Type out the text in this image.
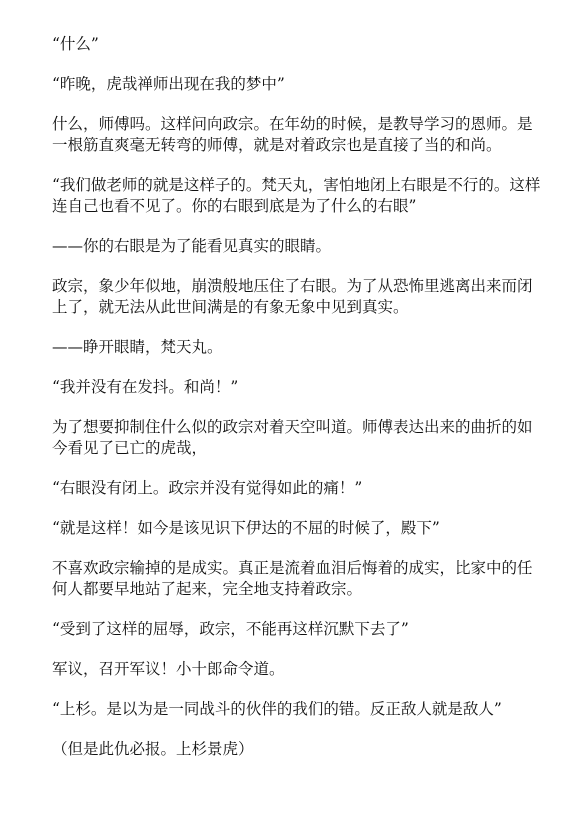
“什么”

“昨晚，虎哉禅师出现在我的梦中”

什么，师傅吗。这样问向政宗。在年幼的时候，是教导学习的恩师。是一根筋直爽毫无转弯的师傅，就是对着政宗也是直接了当的和尚。

“我们做老师的就是这样子的。梵天丸，害怕地闭上右眼是不行的。这样连自己也看不见了。你的右眼到底是为了什么的右眼”

——你的右眼是为了能看见真实的眼睛。

政宗，象少年似地，崩溃般地压住了右眼。为了从恐怖里逃离出来而闭上了，就无法从此世间满是的有象无象中见到真实。

——睁开眼睛，梵天丸。

“我并没有在发抖。和尚！”

为了想要抑制住什么似的政宗对着天空叫道。师傅表达出来的曲折的如今看见了已亡的虎哉，

“右眼没有闭上。政宗并没有觉得如此的痛！”

“就是这样！如今是该见识下伊达的不屈的时候了，殿下”

不喜欢政宗输掉的是成实。真正是流着血泪后悔着的成实，比家中的任何人都要早地站了起来，完全地支持着政宗。

“受到了这样的屈辱，政宗，不能再这样沉默下去了”

军议，召开军议！小十郎命令道。

“上杉。是以为是一同战斗的伙伴的我们的错。反正敌人就是敌人”

（但是此仇必报。上杉景虎）
